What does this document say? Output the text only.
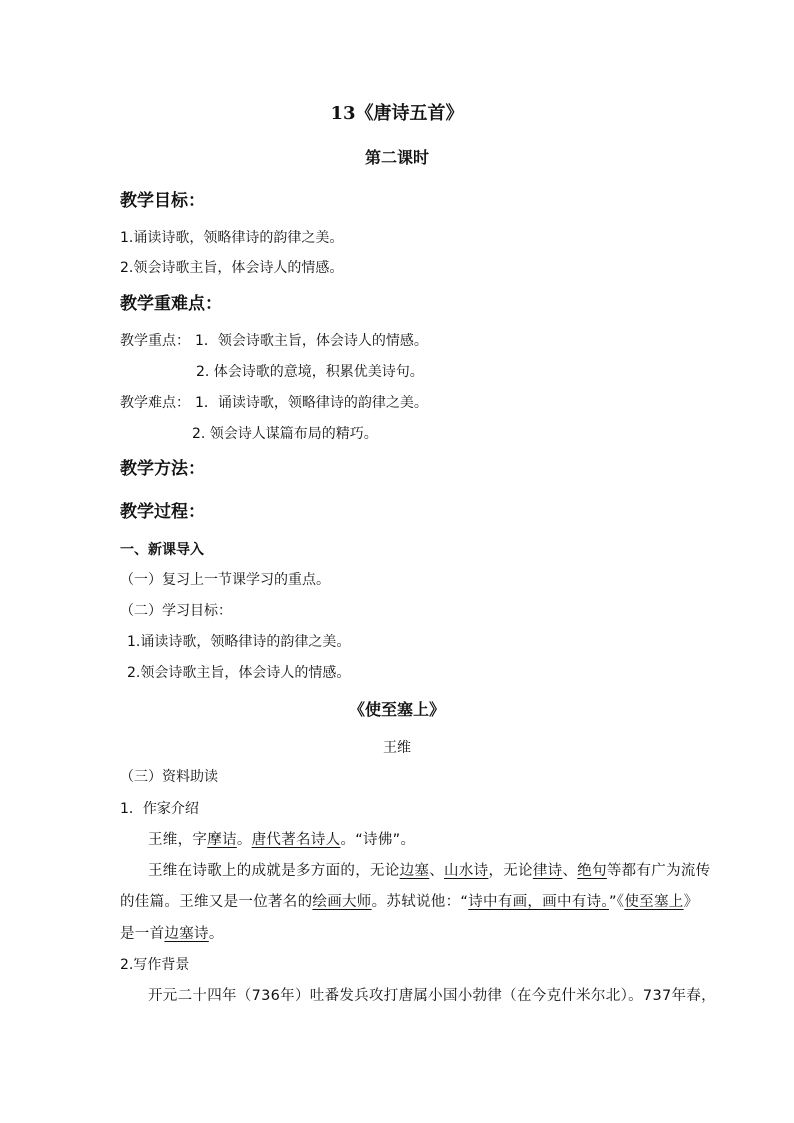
13《唐诗五首》
第二课时
教学目标：
1.诵读诗歌，领略律诗的韵律之美。
2.领会诗歌主旨，体会诗人的情感。
教学重难点：
教学重点： 1．领会诗歌主旨，体会诗人的情感。
2. 体会诗歌的意境，积累优美诗句。
教学难点： 1．诵读诗歌，领略律诗的韵律之美。
2. 领会诗人谋篇布局的精巧。
教学方法：
教学过程：
一、新课导入
（一）复习上一节课学习的重点。
（二）学习目标：
1.诵读诗歌，领略律诗的韵律之美。
2.领会诗歌主旨，体会诗人的情感。
《使至塞上》
王维
（三）资料助读
1．作家介绍
王维，字摩诘。唐代著名诗人。“诗佛”。
王维在诗歌上的成就是多方面的，无论边塞、山水诗，无论律诗、绝句等都有广为流传
的佳篇。王维又是一位著名的绘画大师。苏轼说他：“诗中有画，画中有诗。”《使至塞上》
是一首边塞诗。
2.写作背景
开元二十四年（736年）吐番发兵攻打唐属小国小勃律（在今克什米尔北）。737年春，
